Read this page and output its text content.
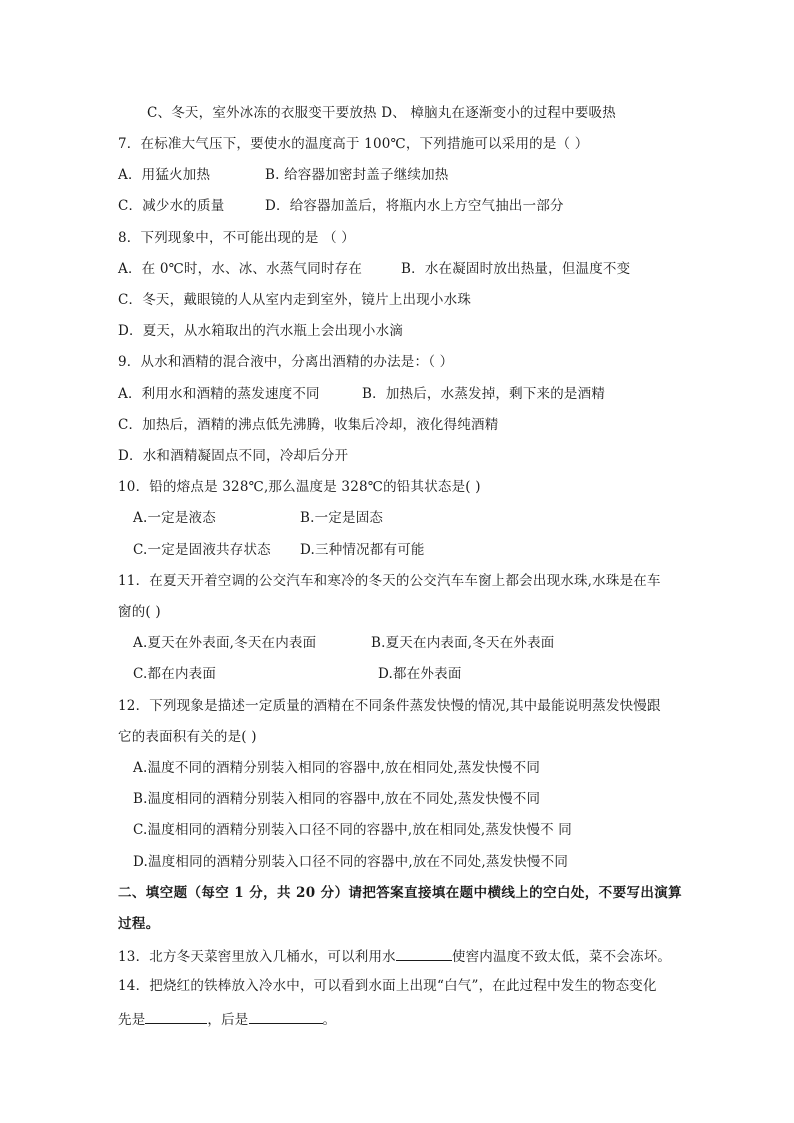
C、冬天，室外冰冻的衣服变干要放热 D、 樟脑丸在逐渐变小的过程中要吸热
7．在标准大气压下，要使水的温度高于 100℃，下列措施可以采用的是（ ）
A．用猛火加热	B. 给容器加密封盖子继续加热
C．减少水的质量	D．给容器加盖后，将瓶内水上方空气抽出一部分
8．下列现象中，不可能出现的是 （ ）
A．在 0℃时，水、冰、水蒸气同时存在	B．水在凝固时放出热量，但温度不变
C．冬天，戴眼镜的人从室内走到室外，镜片上出现小水珠
D．夏天，从水箱取出的汽水瓶上会出现小水滴
9．从水和酒精的混合液中，分离出酒精的办法是：（ ）
A．利用水和酒精的蒸发速度不同	B．加热后，水蒸发掉，剩下来的是酒精
C．加热后，酒精的沸点低先沸腾，收集后冷却，液化得纯酒精
D．水和酒精凝固点不同，冷却后分开
10．铅的熔点是 328℃,那么温度是 328℃的铅其状态是( )
A.一定是液态	B.一定是固态
C.一定是固液共存状态 D.三种情况都有可能
11．在夏天开着空调的公交汽车和寒冷的冬天的公交汽车车窗上都会出现水珠,水珠是在车
窗的( )
A.夏天在外表面,冬天在内表面	B.夏天在内表面,冬天在外表面
C.都在内表面	D.都在外表面
12．下列现象是描述一定质量的酒精在不同条件蒸发快慢的情况,其中最能说明蒸发快慢跟
它的表面积有关的是( )
A.温度不同的酒精分别装入相同的容器中,放在相同处,蒸发快慢不同
B.温度相同的酒精分别装入相同的容器中,放在不同处,蒸发快慢不同
C.温度相同的酒精分别装入口径不同的容器中,放在相同处,蒸发快慢不 同
D.温度相同的酒精分别装入口径不同的容器中,放在不同处,蒸发快慢不同
二、填空题（每空 1 分，共 20 分）请把答案直接填在题中横线上的空白处，不要写出演算
过程。
13．北方冬天菜窖里放入几桶水，可以利用水	使窖内温度不致太低，菜不会冻坏。
14．把烧红的铁棒放入冷水中，可以看到水面上出现“白气”，在此过程中发生的物态变化
先是	，后是	。
